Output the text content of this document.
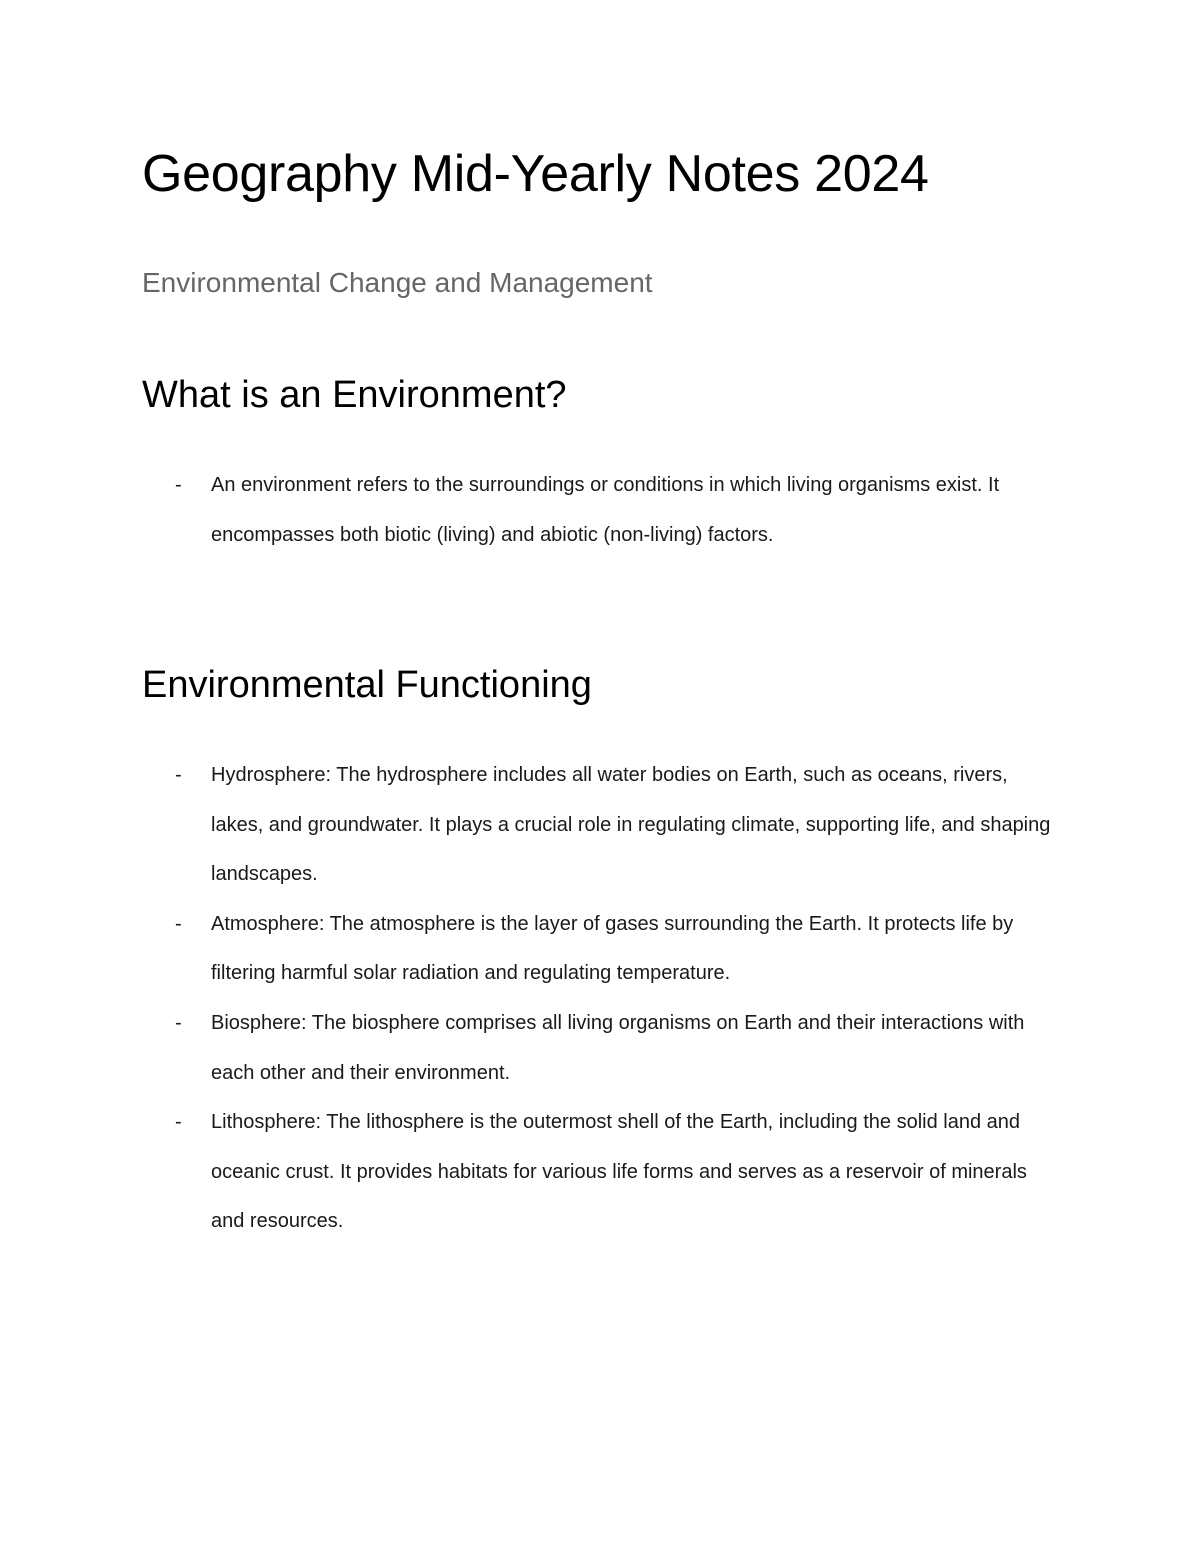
Geography Mid-Yearly Notes 2024

Environmental Change and Management

What is an Environment?
-	An environment refers to the surroundings or conditions in which living organisms exist. It encompasses both biotic (living) and abiotic (non-living) factors.
Environmental Functioning
-	Hydrosphere: The hydrosphere includes all water bodies on Earth, such as oceans, rivers, lakes, and groundwater. It plays a crucial role in regulating climate, supporting life, and shaping landscapes.
-	Atmosphere: The atmosphere is the layer of gases surrounding the Earth. It protects life by filtering harmful solar radiation and regulating temperature.
-	Biosphere: The biosphere comprises all living organisms on Earth and their interactions with each other and their environment.
-	Lithosphere: The lithosphere is the outermost shell of the Earth, including the solid land and oceanic crust. It provides habitats for various life forms and serves as a reservoir of minerals and resources.
